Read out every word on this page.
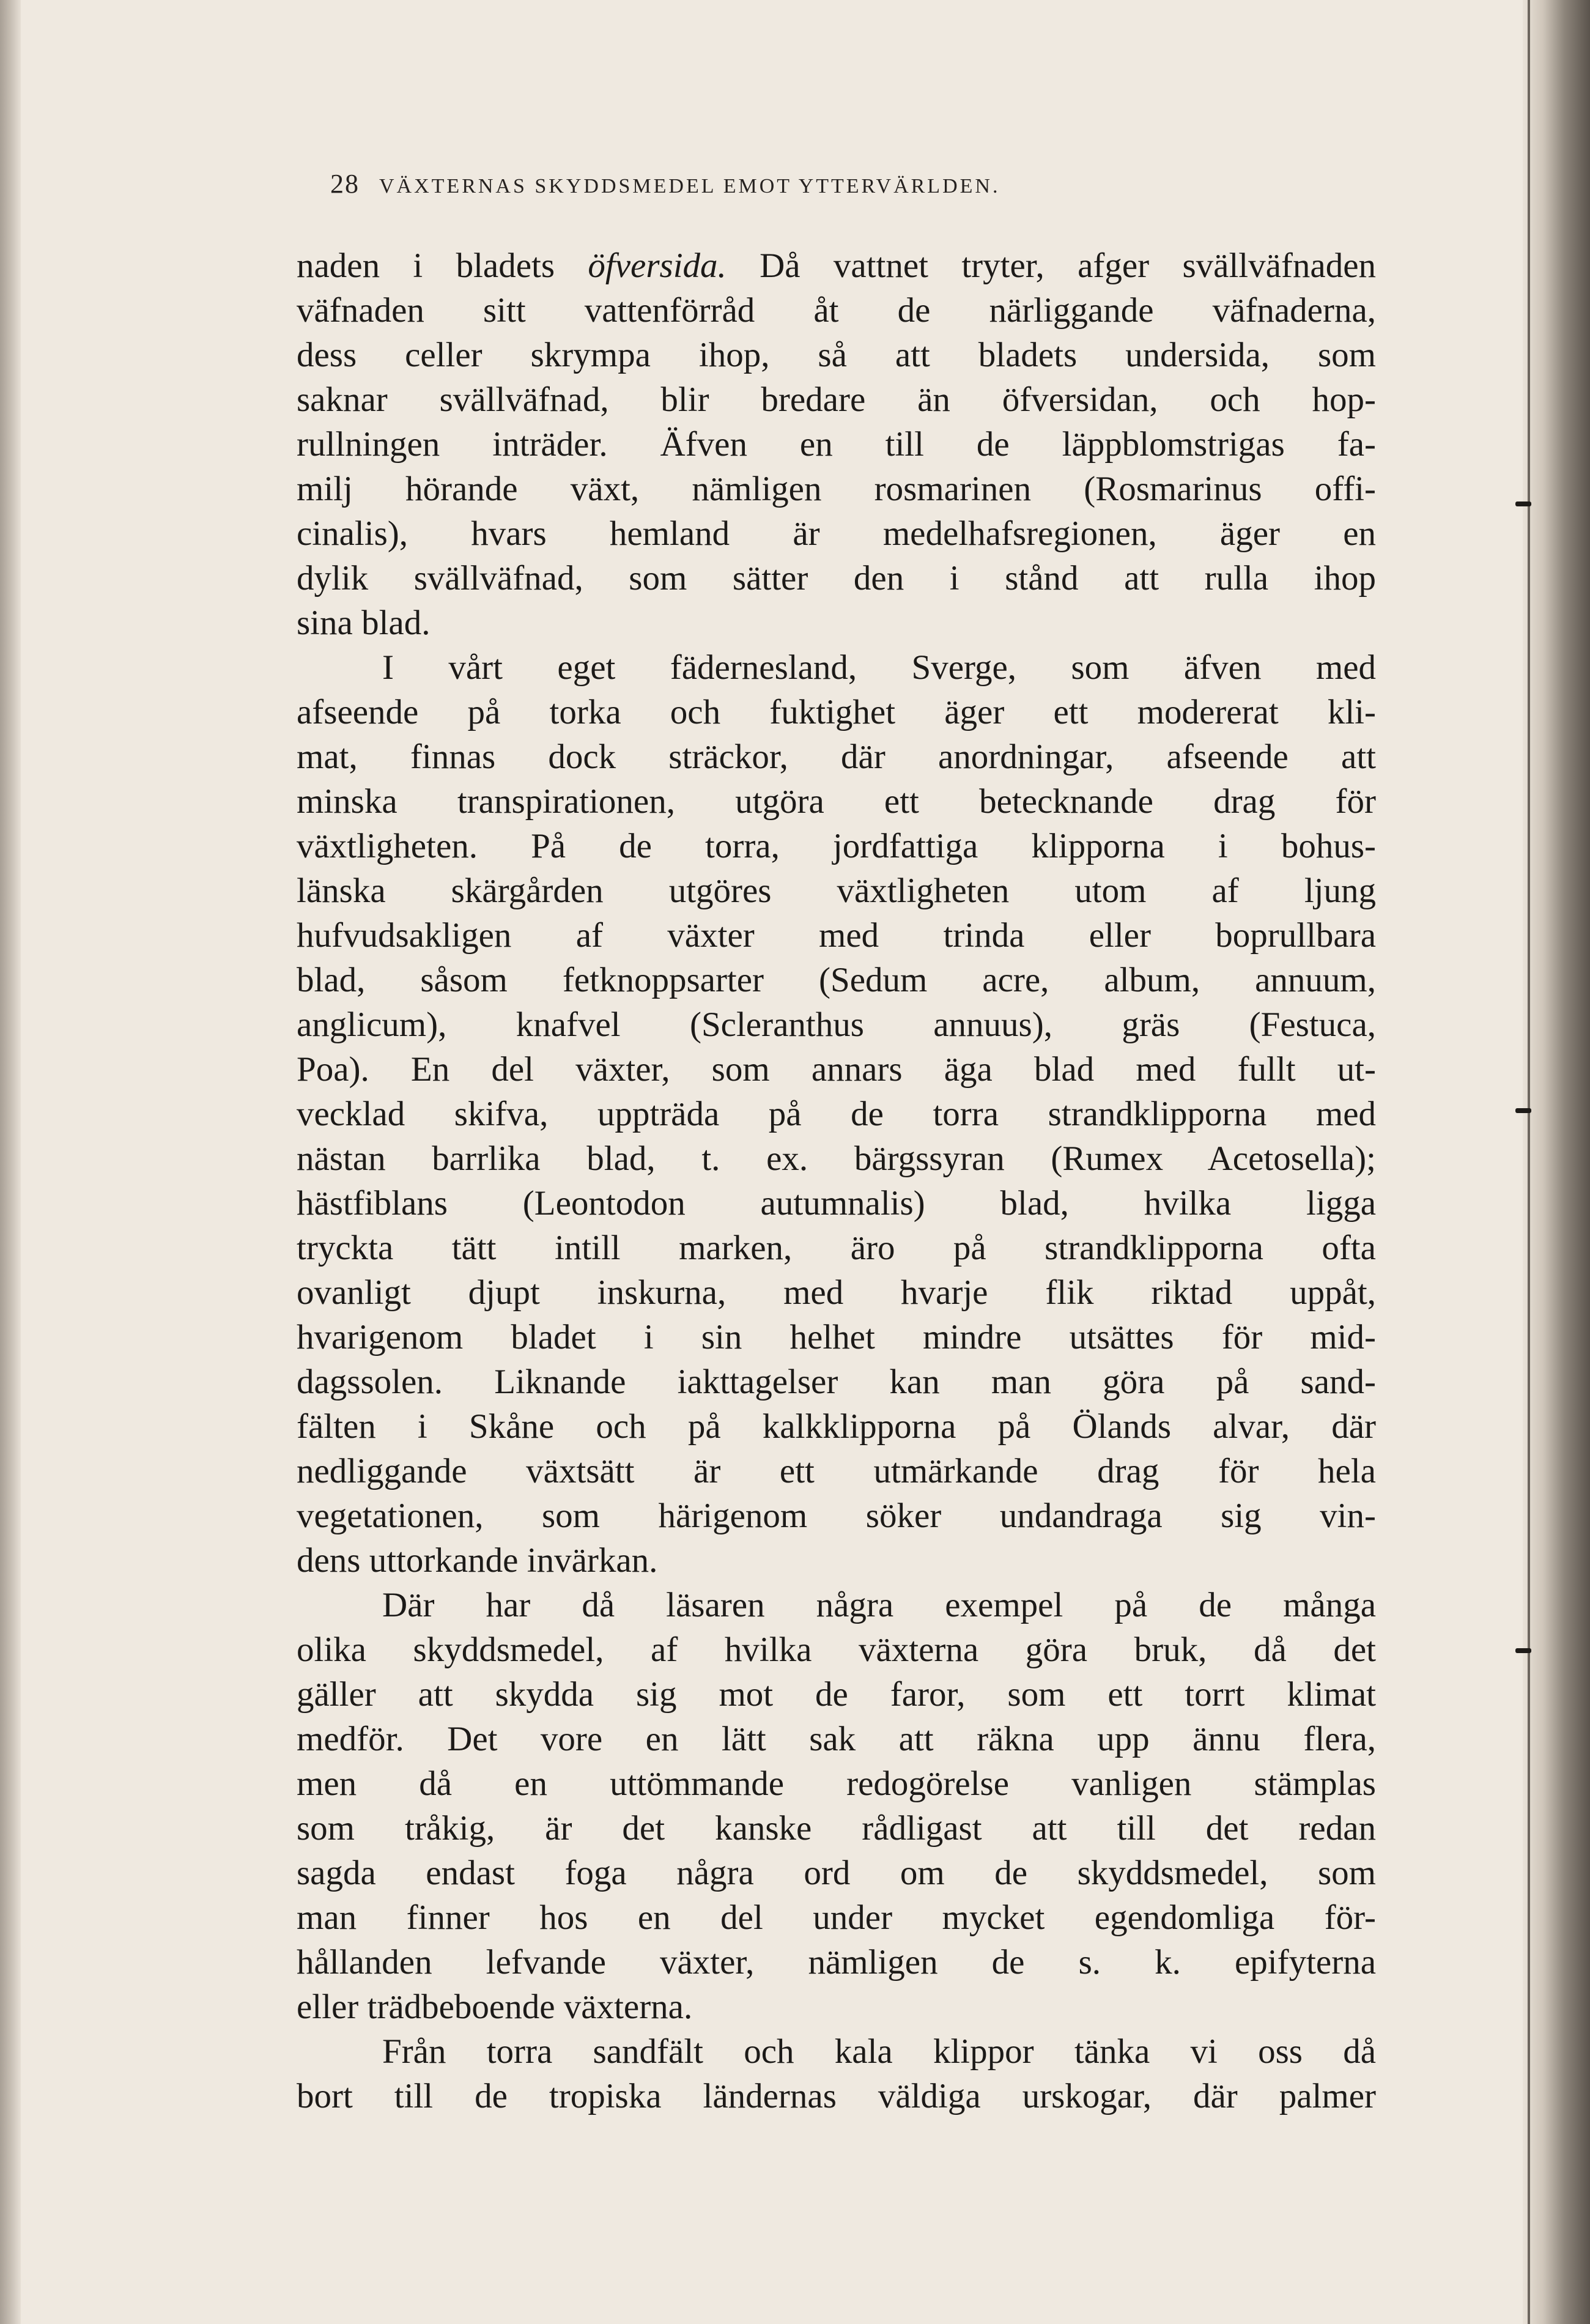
28 VÄXTERNAS SKYDDSMEDEL EMOT YTTERVÄRLDEN.
naden i bladets öfversida. Då vattnet tryter, afger svällväfnaden
väfnaden sitt vattenförråd åt de närliggande väfnaderna,
dess celler skrympa ihop, så att bladets undersida, som
saknar svällväfnad, blir bredare än öfversidan, och hop-
rullningen inträder. Äfven en till de läppblomstrigas fa-
milj hörande växt, nämligen rosmarinen (Rosmarinus offi-
cinalis), hvars hemland är medelhafsregionen, äger en
dylik svällväfnad, som sätter den i stånd att rulla ihop
sina blad.
I vårt eget fädernesland, Sverge, som äfven med
afseende på torka och fuktighet äger ett modererat kli-
mat, finnas dock sträckor, där anordningar, afseende att
minska transpirationen, utgöra ett betecknande drag för
växtligheten. På de torra, jordfattiga klipporna i bohus-
länska skärgården utgöres växtligheten utom af ljung
hufvudsakligen af växter med trinda eller boprullbara
blad, såsom fetknoppsarter (Sedum acre, album, annuum,
anglicum), knafvel (Scleranthus annuus), gräs (Festuca,
Poa). En del växter, som annars äga blad med fullt ut-
vecklad skifva, uppträda på de torra strandklipporna med
nästan barrlika blad, t. ex. bärgssyran (Rumex Acetosella);
hästfiblans (Leontodon autumnalis) blad, hvilka ligga
tryckta tätt intill marken, äro på strandklipporna ofta
ovanligt djupt inskurna, med hvarje flik riktad uppåt,
hvarigenom bladet i sin helhet mindre utsättes för mid-
dagssolen. Liknande iakttagelser kan man göra på sand-
fälten i Skåne och på kalkklipporna på Ölands alvar, där
nedliggande växtsätt är ett utmärkande drag för hela
vegetationen, som härigenom söker undandraga sig vin-
dens uttorkande invärkan.
Där har då läsaren några exempel på de många
olika skyddsmedel, af hvilka växterna göra bruk, då det
gäller att skydda sig mot de faror, som ett torrt klimat
medför. Det vore en lätt sak att räkna upp ännu flera,
men då en uttömmande redogörelse vanligen stämplas
som tråkig, är det kanske rådligast att till det redan
sagda endast foga några ord om de skyddsmedel, som
man finner hos en del under mycket egendomliga för-
hållanden lefvande växter, nämligen de s. k. epifyterna
eller trädbeboende växterna.
Från torra sandfält och kala klippor tänka vi oss då
bort till de tropiska ländernas väldiga urskogar, där palmer
